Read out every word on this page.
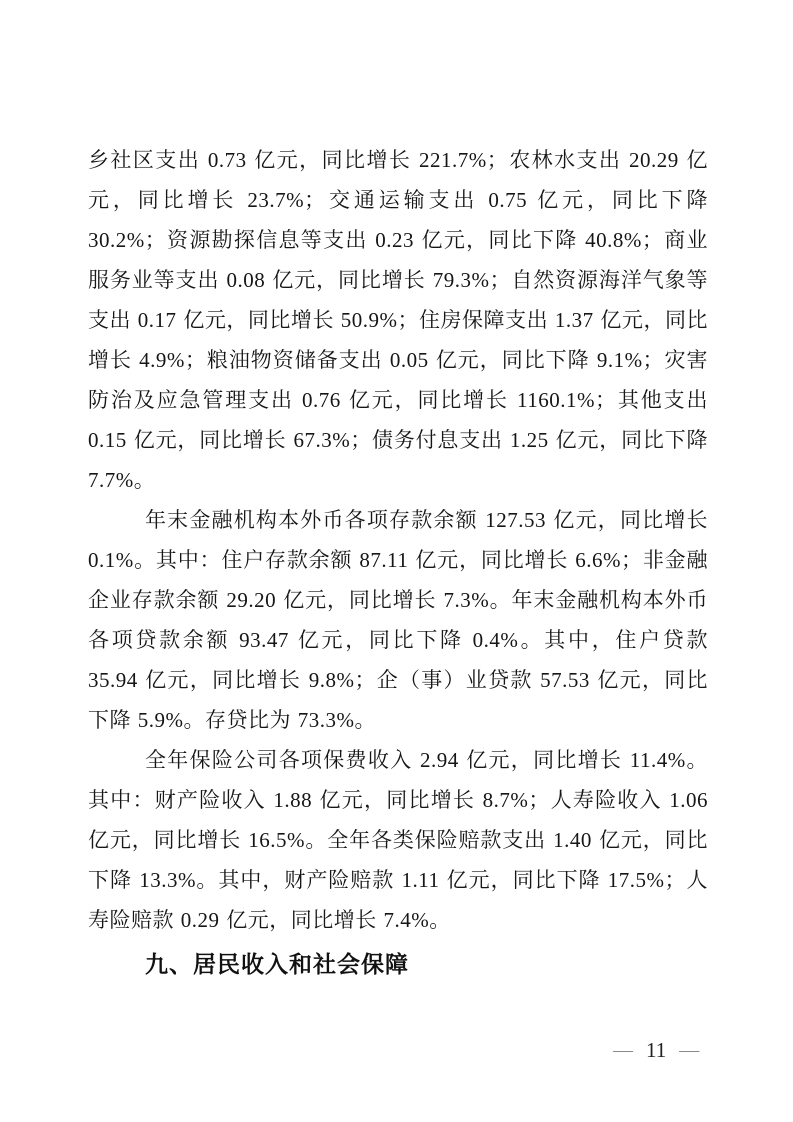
乡社区支出 0.73 亿元，同比增长 221.7%；农林水支出 20.29 亿元，同比增长 23.7%；交通运输支出 0.75 亿元，同比下降 30.2%；资源勘探信息等支出 0.23 亿元，同比下降 40.8%；商业服务业等支出 0.08 亿元，同比增长 79.3%；自然资源海洋气象等支出 0.17 亿元，同比增长 50.9%；住房保障支出 1.37 亿元，同比增长 4.9%；粮油物资储备支出 0.05 亿元，同比下降 9.1%；灾害防治及应急管理支出 0.76 亿元，同比增长 1160.1%；其他支出 0.15 亿元，同比增长 67.3%；债务付息支出 1.25 亿元，同比下降 7.7%。

年末金融机构本外币各项存款余额 127.53 亿元，同比增长 0.1%。其中：住户存款余额 87.11 亿元，同比增长 6.6%；非金融企业存款余额 29.20 亿元，同比增长 7.3%。年末金融机构本外币各项贷款余额 93.47 亿元，同比下降 0.4%。其中，住户贷款 35.94 亿元，同比增长 9.8%；企（事）业贷款 57.53 亿元，同比下降 5.9%。存贷比为 73.3%。

全年保险公司各项保费收入 2.94 亿元，同比增长 11.4%。其中：财产险收入 1.88 亿元，同比增长 8.7%；人寿险收入 1.06 亿元，同比增长 16.5%。全年各类保险赔款支出 1.40 亿元，同比下降 13.3%。其中，财产险赔款 1.11 亿元，同比下降 17.5%；人寿险赔款 0.29 亿元，同比增长 7.4%。

九、居民收入和社会保障
— 11 —
